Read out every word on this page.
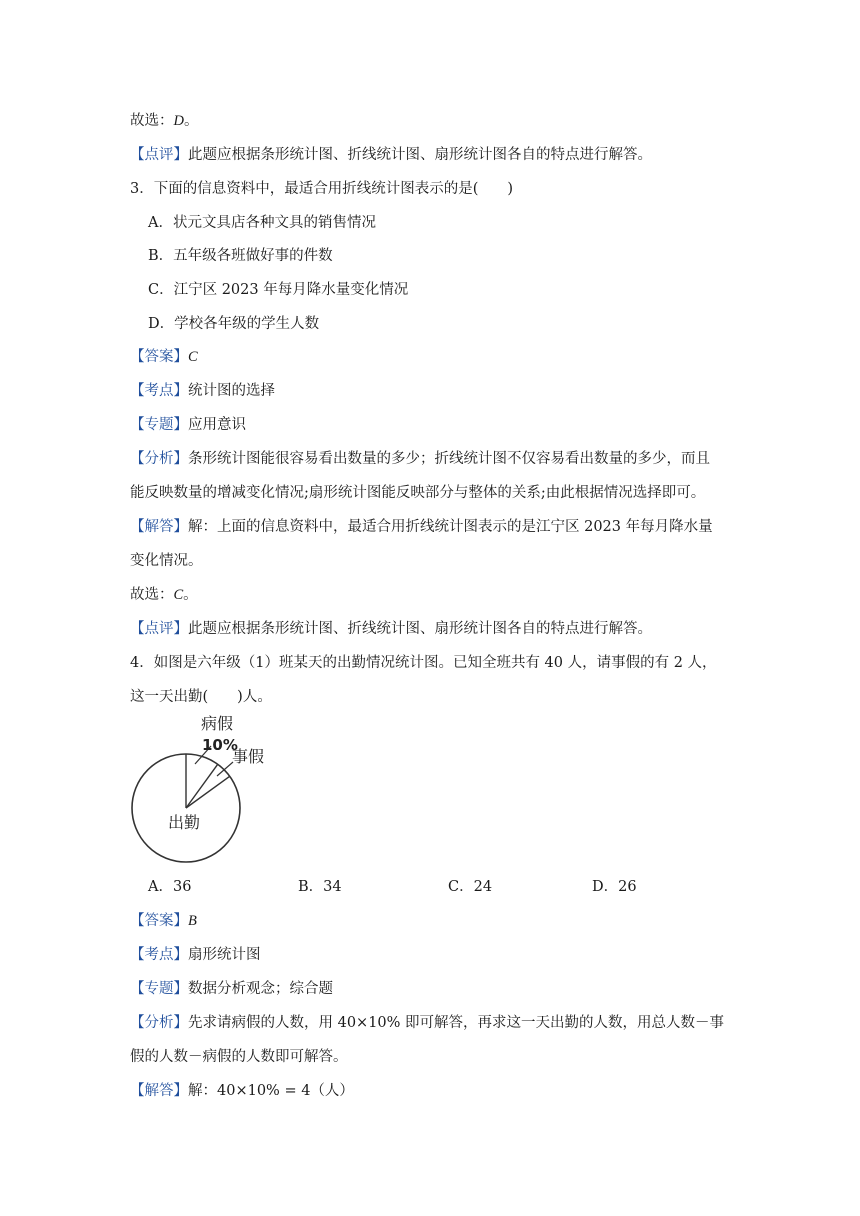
故选：D。
【点评】此题应根据条形统计图、折线统计图、扇形统计图各自的特点进行解答。
3．下面的信息资料中，最适合用折线统计图表示的是(　　)
A．状元文具店各种文具的销售情况
B．五年级各班做好事的件数
C．江宁区 2023 年每月降水量变化情况
D．学校各年级的学生人数
【答案】C
【考点】统计图的选择
【专题】应用意识
【分析】条形统计图能很容易看出数量的多少；折线统计图不仅容易看出数量的多少，而且
能反映数量的增减变化情况;扇形统计图能反映部分与整体的关系;由此根据情况选择即可。
【解答】解：上面的信息资料中，最适合用折线统计图表示的是江宁区 2023 年每月降水量
变化情况。
故选：C。
【点评】此题应根据条形统计图、折线统计图、扇形统计图各自的特点进行解答。
4．如图是六年级（1）班某天的出勤情况统计图。已知全班共有 40 人，请事假的有 2 人，
这一天出勤(　　)人。
病假
10%
事假
出勤
A．36	B．34	C．24	D．26
【答案】B
【考点】扇形统计图
【专题】数据分析观念；综合题
【分析】先求请病假的人数，用 40×10% 即可解答，再求这一天出勤的人数，用总人数－事
假的人数－病假的人数即可解答。
【解答】解：40×10% = 4（人）
